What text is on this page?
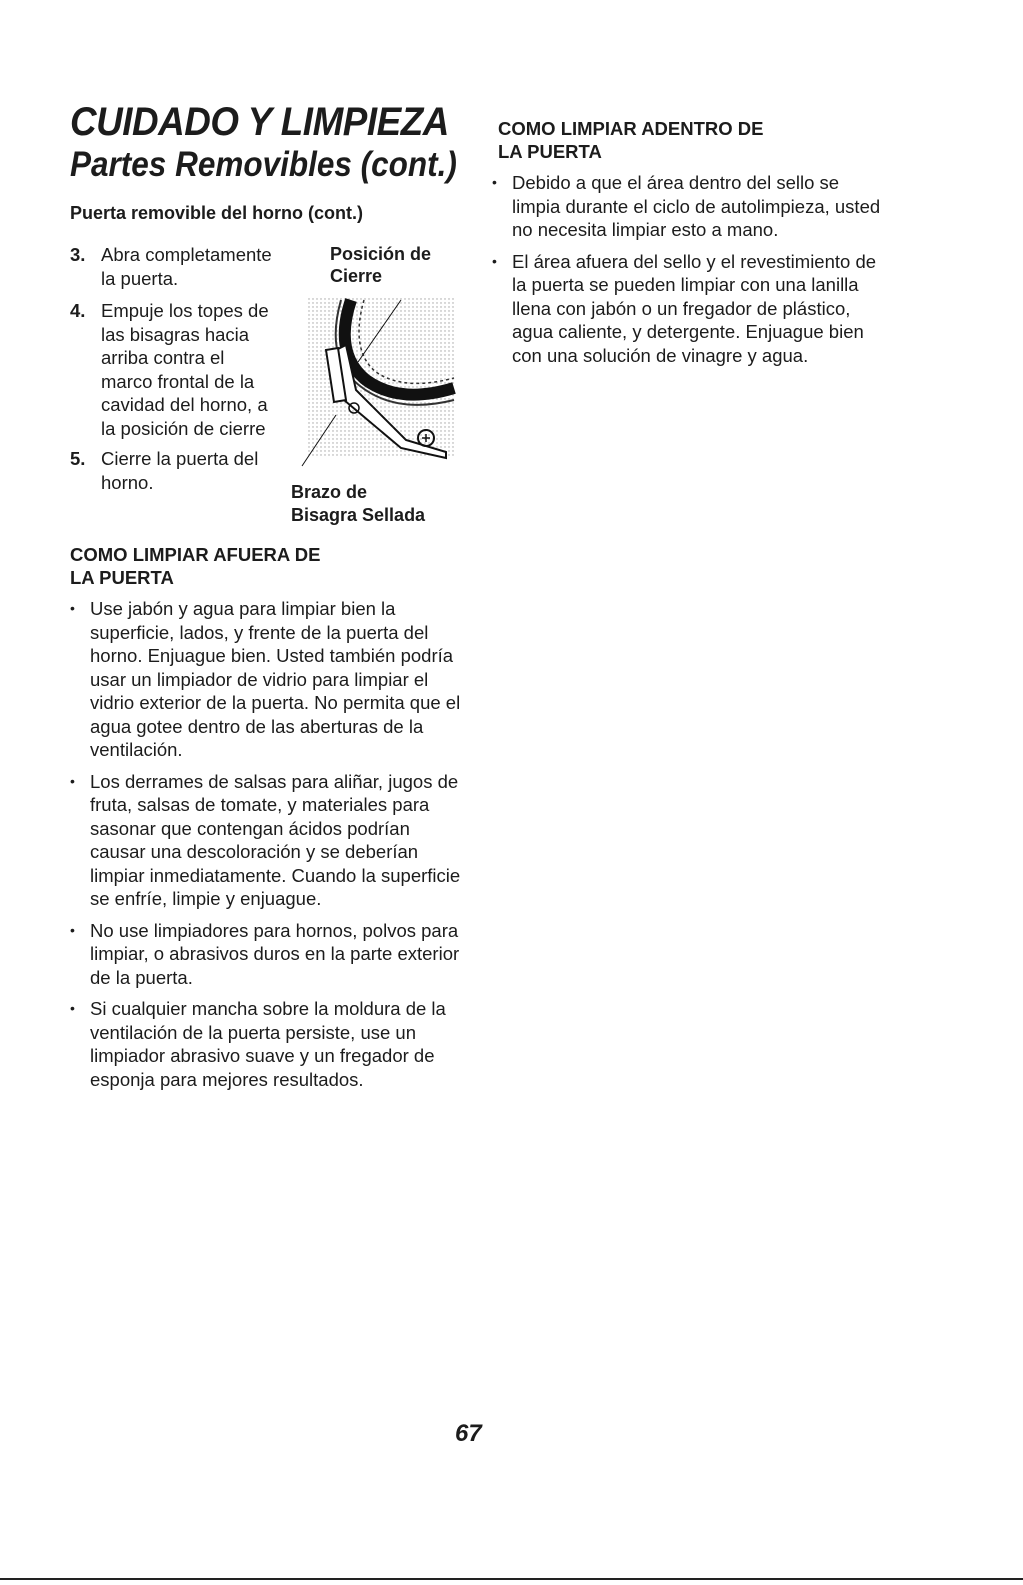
CUIDADO Y LIMPIEZA
Partes Removibles (cont.)
Puerta removible del horno (cont.)
3. Abra completamente
la puerta.
4. Empuje los topes de
las bisagras hacia
arriba contra el
marco frontal de la
cavidad del horno, a
la posición de cierre
5. Cierre la puerta del
horno.
Posición de
Cierre
Brazo de
Bisagra Sellada
COMO LIMPIAR AFUERA DE
LA PUERTA
• Use jabón y agua para limpiar bien la superficie, lados, y frente de la puerta del horno. Enjuague bien. Usted también podría usar un limpiador de vidrio para limpiar el vidrio exterior de la puerta. No permita que el agua gotee dentro de las aberturas de la ventilación.
• Los derrames de salsas para aliñar, jugos de fruta, salsas de tomate, y materiales para sasonar que contengan ácidos podrían causar una descoloración y se deberían limpiar inmediatamente. Cuando la superficie se enfríe, limpie y enjuague.
• No use limpiadores para hornos, polvos para limpiar, o abrasivos duros en la parte exterior de la puerta.
• Si cualquier mancha sobre la moldura de la ventilación de la puerta persiste, use un limpiador abrasivo suave y un fregador de esponja para mejores resultados.
COMO LIMPIAR ADENTRO DE
LA PUERTA
• Debido a que el área dentro del sello se limpia durante el ciclo de autolimpieza, usted no necesita limpiar esto a mano.
• El área afuera del sello y el revestimiento de la puerta se pueden limpiar con una lanilla llena con jabón o un fregador de plástico, agua caliente, y detergente. Enjuague bien con una solución de vinagre y agua.
67
